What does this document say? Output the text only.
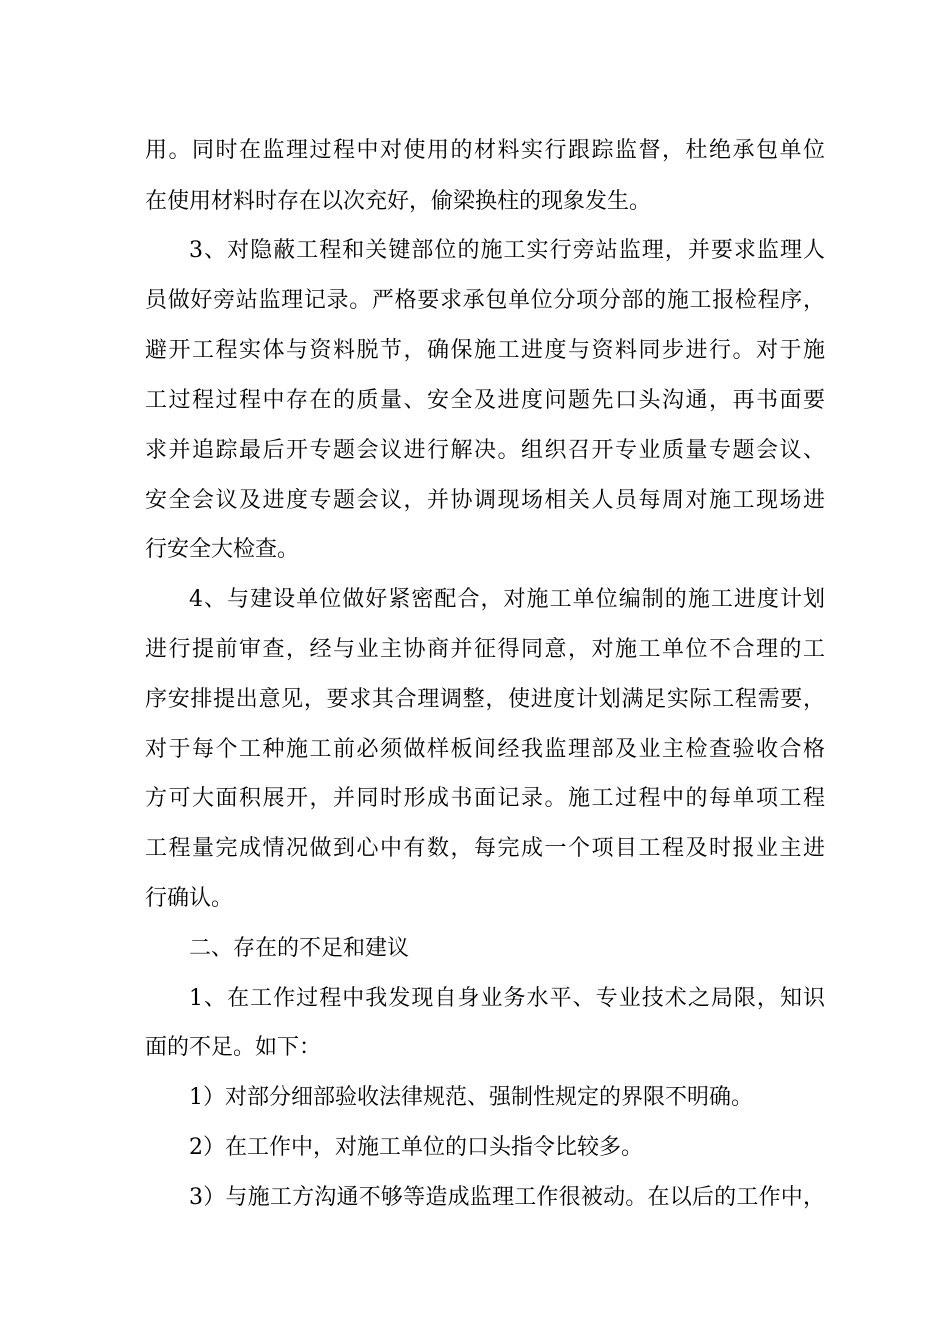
用。同时在监理过程中对使用的材料实行跟踪监督，杜绝承包单位
在使用材料时存在以次充好，偷梁换柱的现象发生。
3、对隐蔽工程和关键部位的施工实行旁站监理，并要求监理人
员做好旁站监理记录。严格要求承包单位分项分部的施工报检程序，
避开工程实体与资料脱节，确保施工进度与资料同步进行。对于施
工过程过程中存在的质量、安全及进度问题先口头沟通，再书面要
求并追踪最后开专题会议进行解决。组织召开专业质量专题会议、
安全会议及进度专题会议，并协调现场相关人员每周对施工现场进
行安全大检查。
4、与建设单位做好紧密配合，对施工单位编制的施工进度计划
进行提前审查，经与业主协商并征得同意，对施工单位不合理的工
序安排提出意见，要求其合理调整，使进度计划满足实际工程需要，
对于每个工种施工前必须做样板间经我监理部及业主检查验收合格
方可大面积展开，并同时形成书面记录。施工过程中的每单项工程
工程量完成情况做到心中有数，每完成一个项目工程及时报业主进
行确认。
二、存在的不足和建议
1、在工作过程中我发现自身业务水平、专业技术之局限，知识
面的不足。如下：
1）对部分细部验收法律规范、强制性规定的界限不明确。
2）在工作中，对施工单位的口头指令比较多。
3）与施工方沟通不够等造成监理工作很被动。在以后的工作中，
